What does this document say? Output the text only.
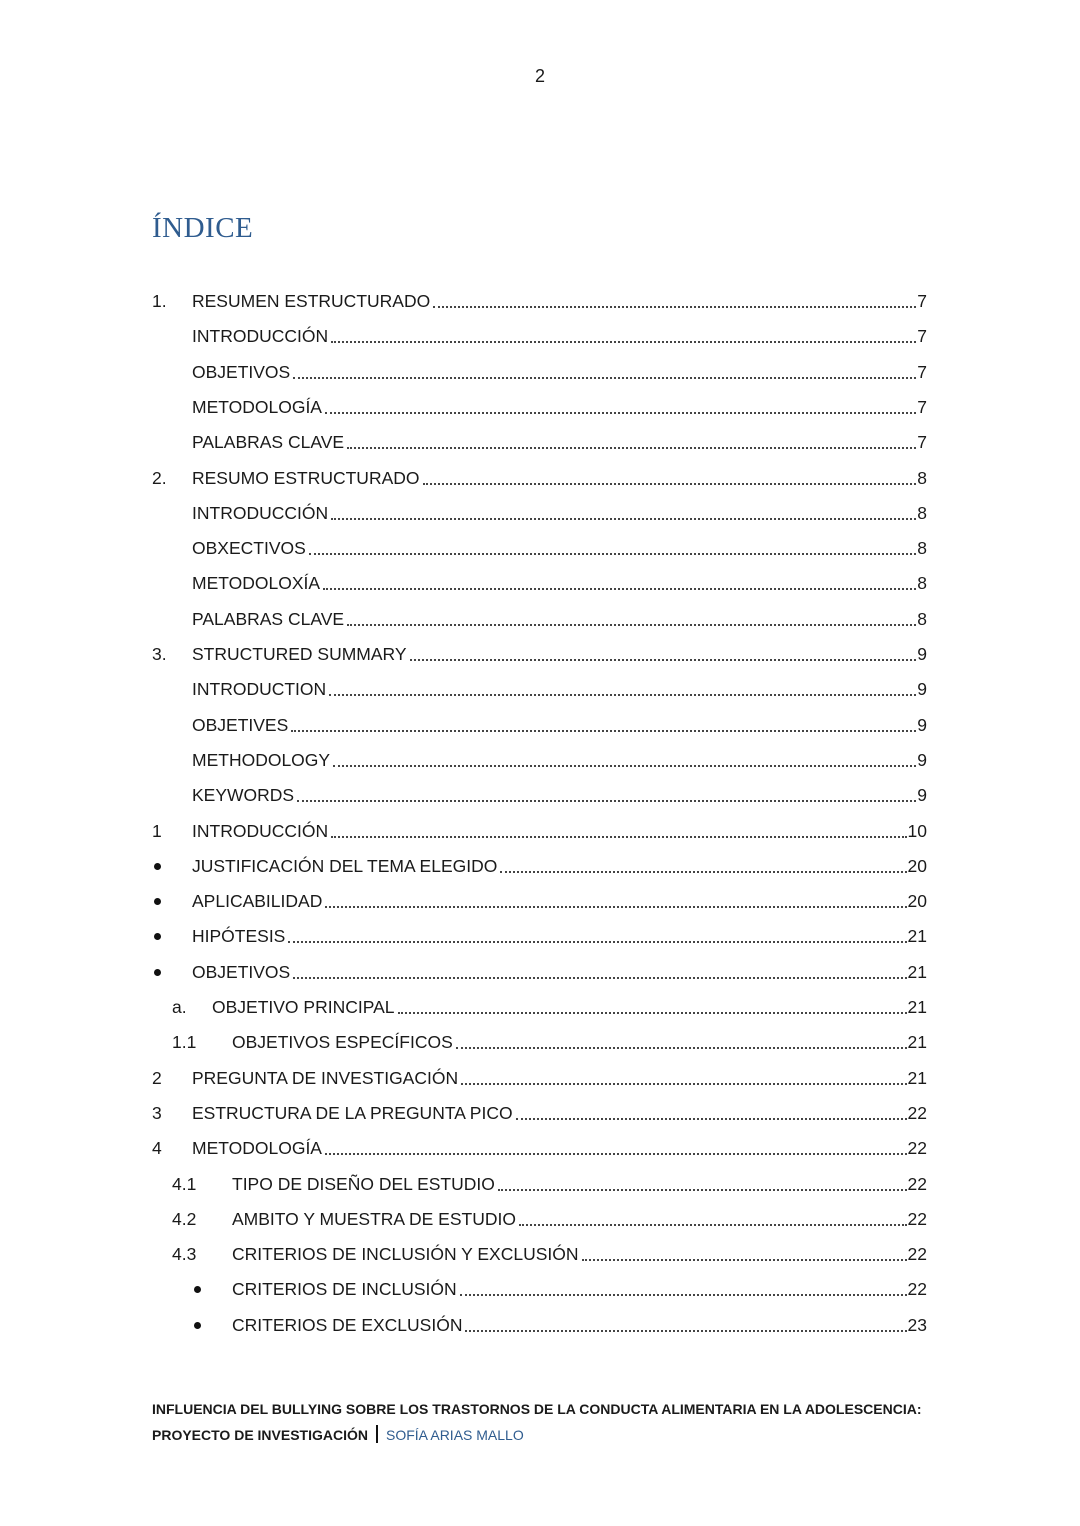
2
ÍNDICE
1. RESUMEN ESTRUCTURADO	7
INTRODUCCIÓN	7
OBJETIVOS	7
METODOLOGÍA	7
PALABRAS CLAVE	7
2. RESUMO ESTRUCTURADO	8
INTRODUCCIÓN	8
OBXECTIVOS	8
METODOLOXÍA	8
PALABRAS CLAVE	8
3. STRUCTURED SUMMARY	9
INTRODUCTION	9
OBJETIVES	9
METHODOLOGY	9
KEYWORDS	9
1 INTRODUCCIÓN	10
JUSTIFICACIÓN DEL TEMA ELEGIDO	20
APLICABILIDAD	20
HIPÓTESIS	21
OBJETIVOS	21
a. OBJETIVO PRINCIPAL	21
1.1 OBJETIVOS ESPECÍFICOS	21
2 PREGUNTA DE INVESTIGACIÓN	21
3 ESTRUCTURA DE LA PREGUNTA PICO	22
4 METODOLOGÍA	22
4.1 TIPO DE DISEÑO DEL ESTUDIO	22
4.2 AMBITO Y MUESTRA DE ESTUDIO	22
4.3 CRITERIOS DE INCLUSIÓN Y EXCLUSIÓN	22
CRITERIOS DE INCLUSIÓN	22
CRITERIOS DE EXCLUSIÓN	23
INFLUENCIA DEL BULLYING SOBRE LOS TRASTORNOS DE LA CONDUCTA ALIMENTARIA EN LA ADOLESCENCIA:
PROYECTO DE INVESTIGACIÓN SOFÍA ARIAS MALLO
